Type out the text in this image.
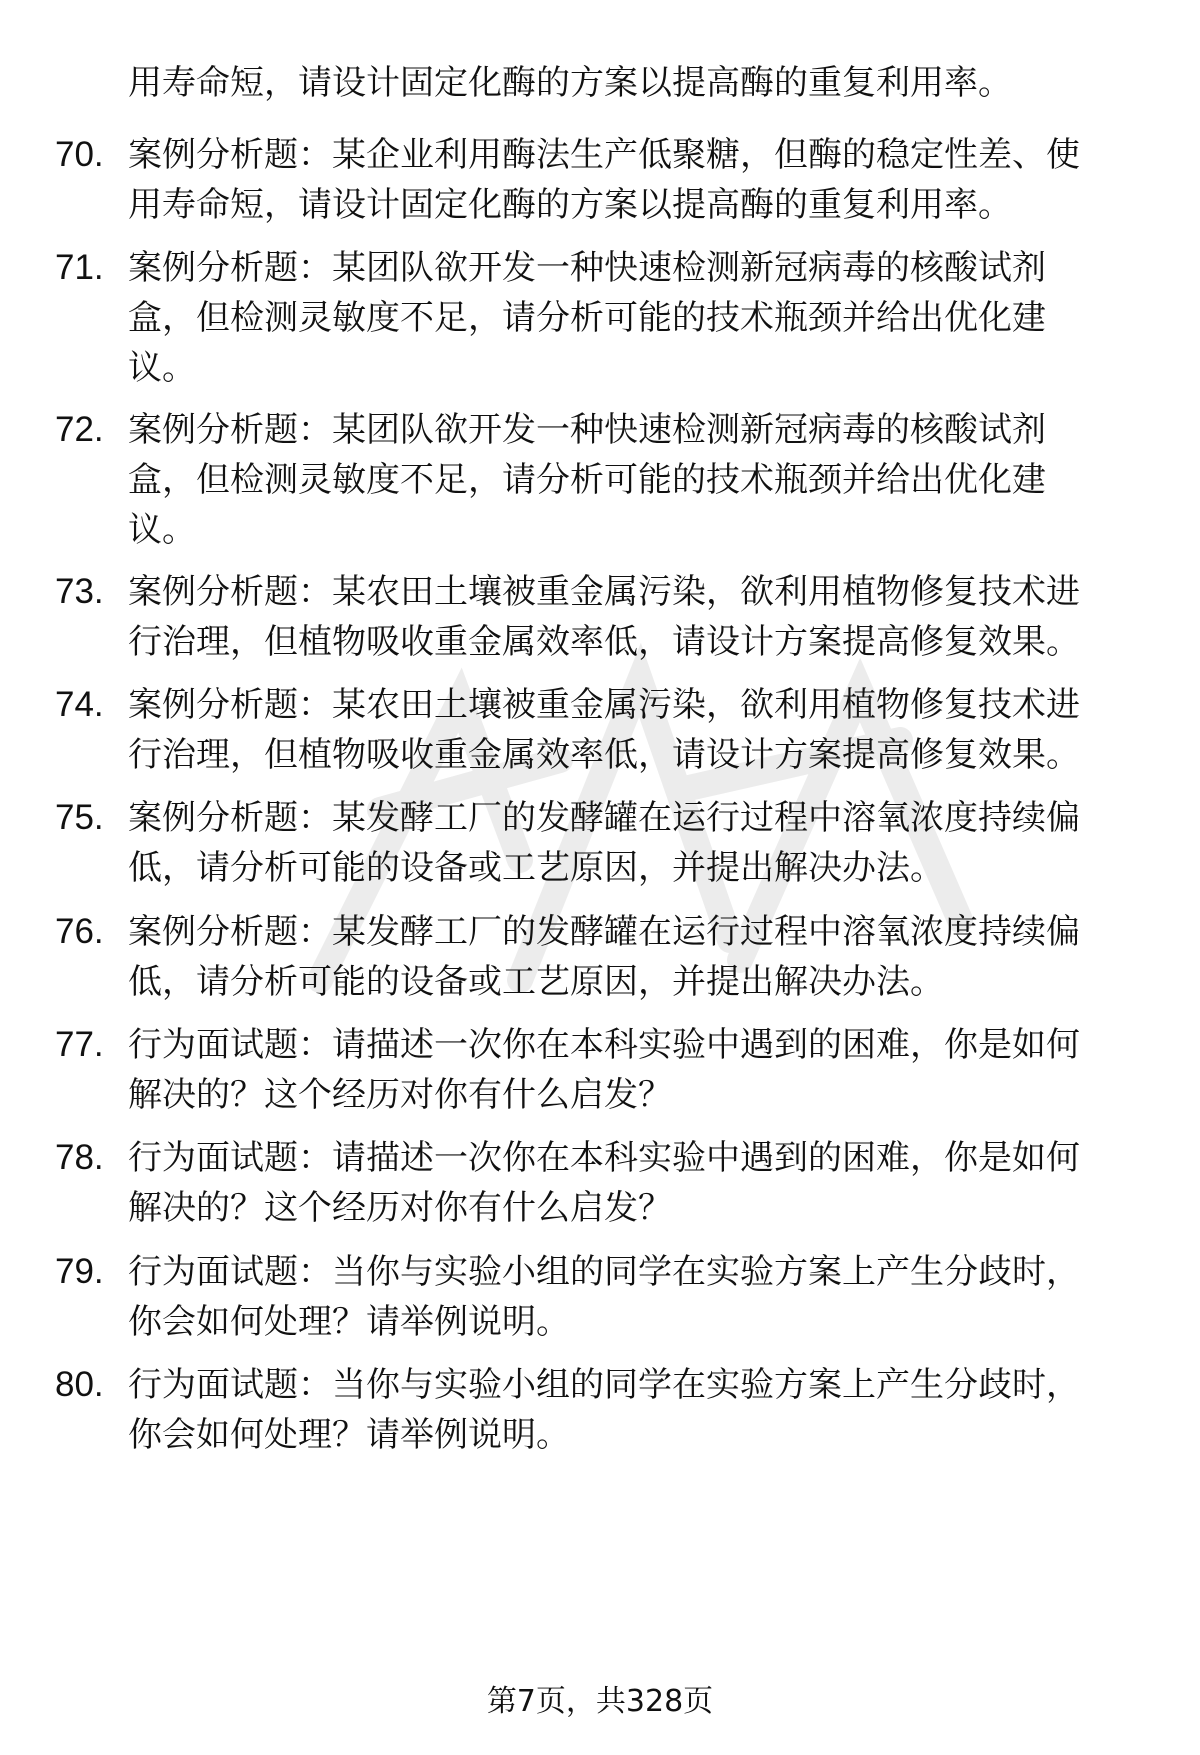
用寿命短，请设计固定化酶的方案以提高酶的重复利用率。
70. 案例分析题：某企业利用酶法生产低聚糖，但酶的稳定性差、使
用寿命短，请设计固定化酶的方案以提高酶的重复利用率。
71. 案例分析题：某团队欲开发一种快速检测新冠病毒的核酸试剂
盒，但检测灵敏度不足，请分析可能的技术瓶颈并给出优化建
议。
72. 案例分析题：某团队欲开发一种快速检测新冠病毒的核酸试剂
盒，但检测灵敏度不足，请分析可能的技术瓶颈并给出优化建
议。
73. 案例分析题：某农田土壤被重金属污染，欲利用植物修复技术进
行治理，但植物吸收重金属效率低，请设计方案提高修复效果。
74. 案例分析题：某农田土壤被重金属污染，欲利用植物修复技术进
行治理，但植物吸收重金属效率低，请设计方案提高修复效果。
75. 案例分析题：某发酵工厂的发酵罐在运行过程中溶氧浓度持续偏
低，请分析可能的设备或工艺原因，并提出解决办法。
76. 案例分析题：某发酵工厂的发酵罐在运行过程中溶氧浓度持续偏
低，请分析可能的设备或工艺原因，并提出解决办法。
77. 行为面试题：请描述一次你在本科实验中遇到的困难，你是如何
解决的？这个经历对你有什么启发？
78. 行为面试题：请描述一次你在本科实验中遇到的困难，你是如何
解决的？这个经历对你有什么启发？
79. 行为面试题：当你与实验小组的同学在实验方案上产生分歧时，
你会如何处理？请举例说明。
80. 行为面试题：当你与实验小组的同学在实验方案上产生分歧时，
你会如何处理？请举例说明。
第7页，共328页
